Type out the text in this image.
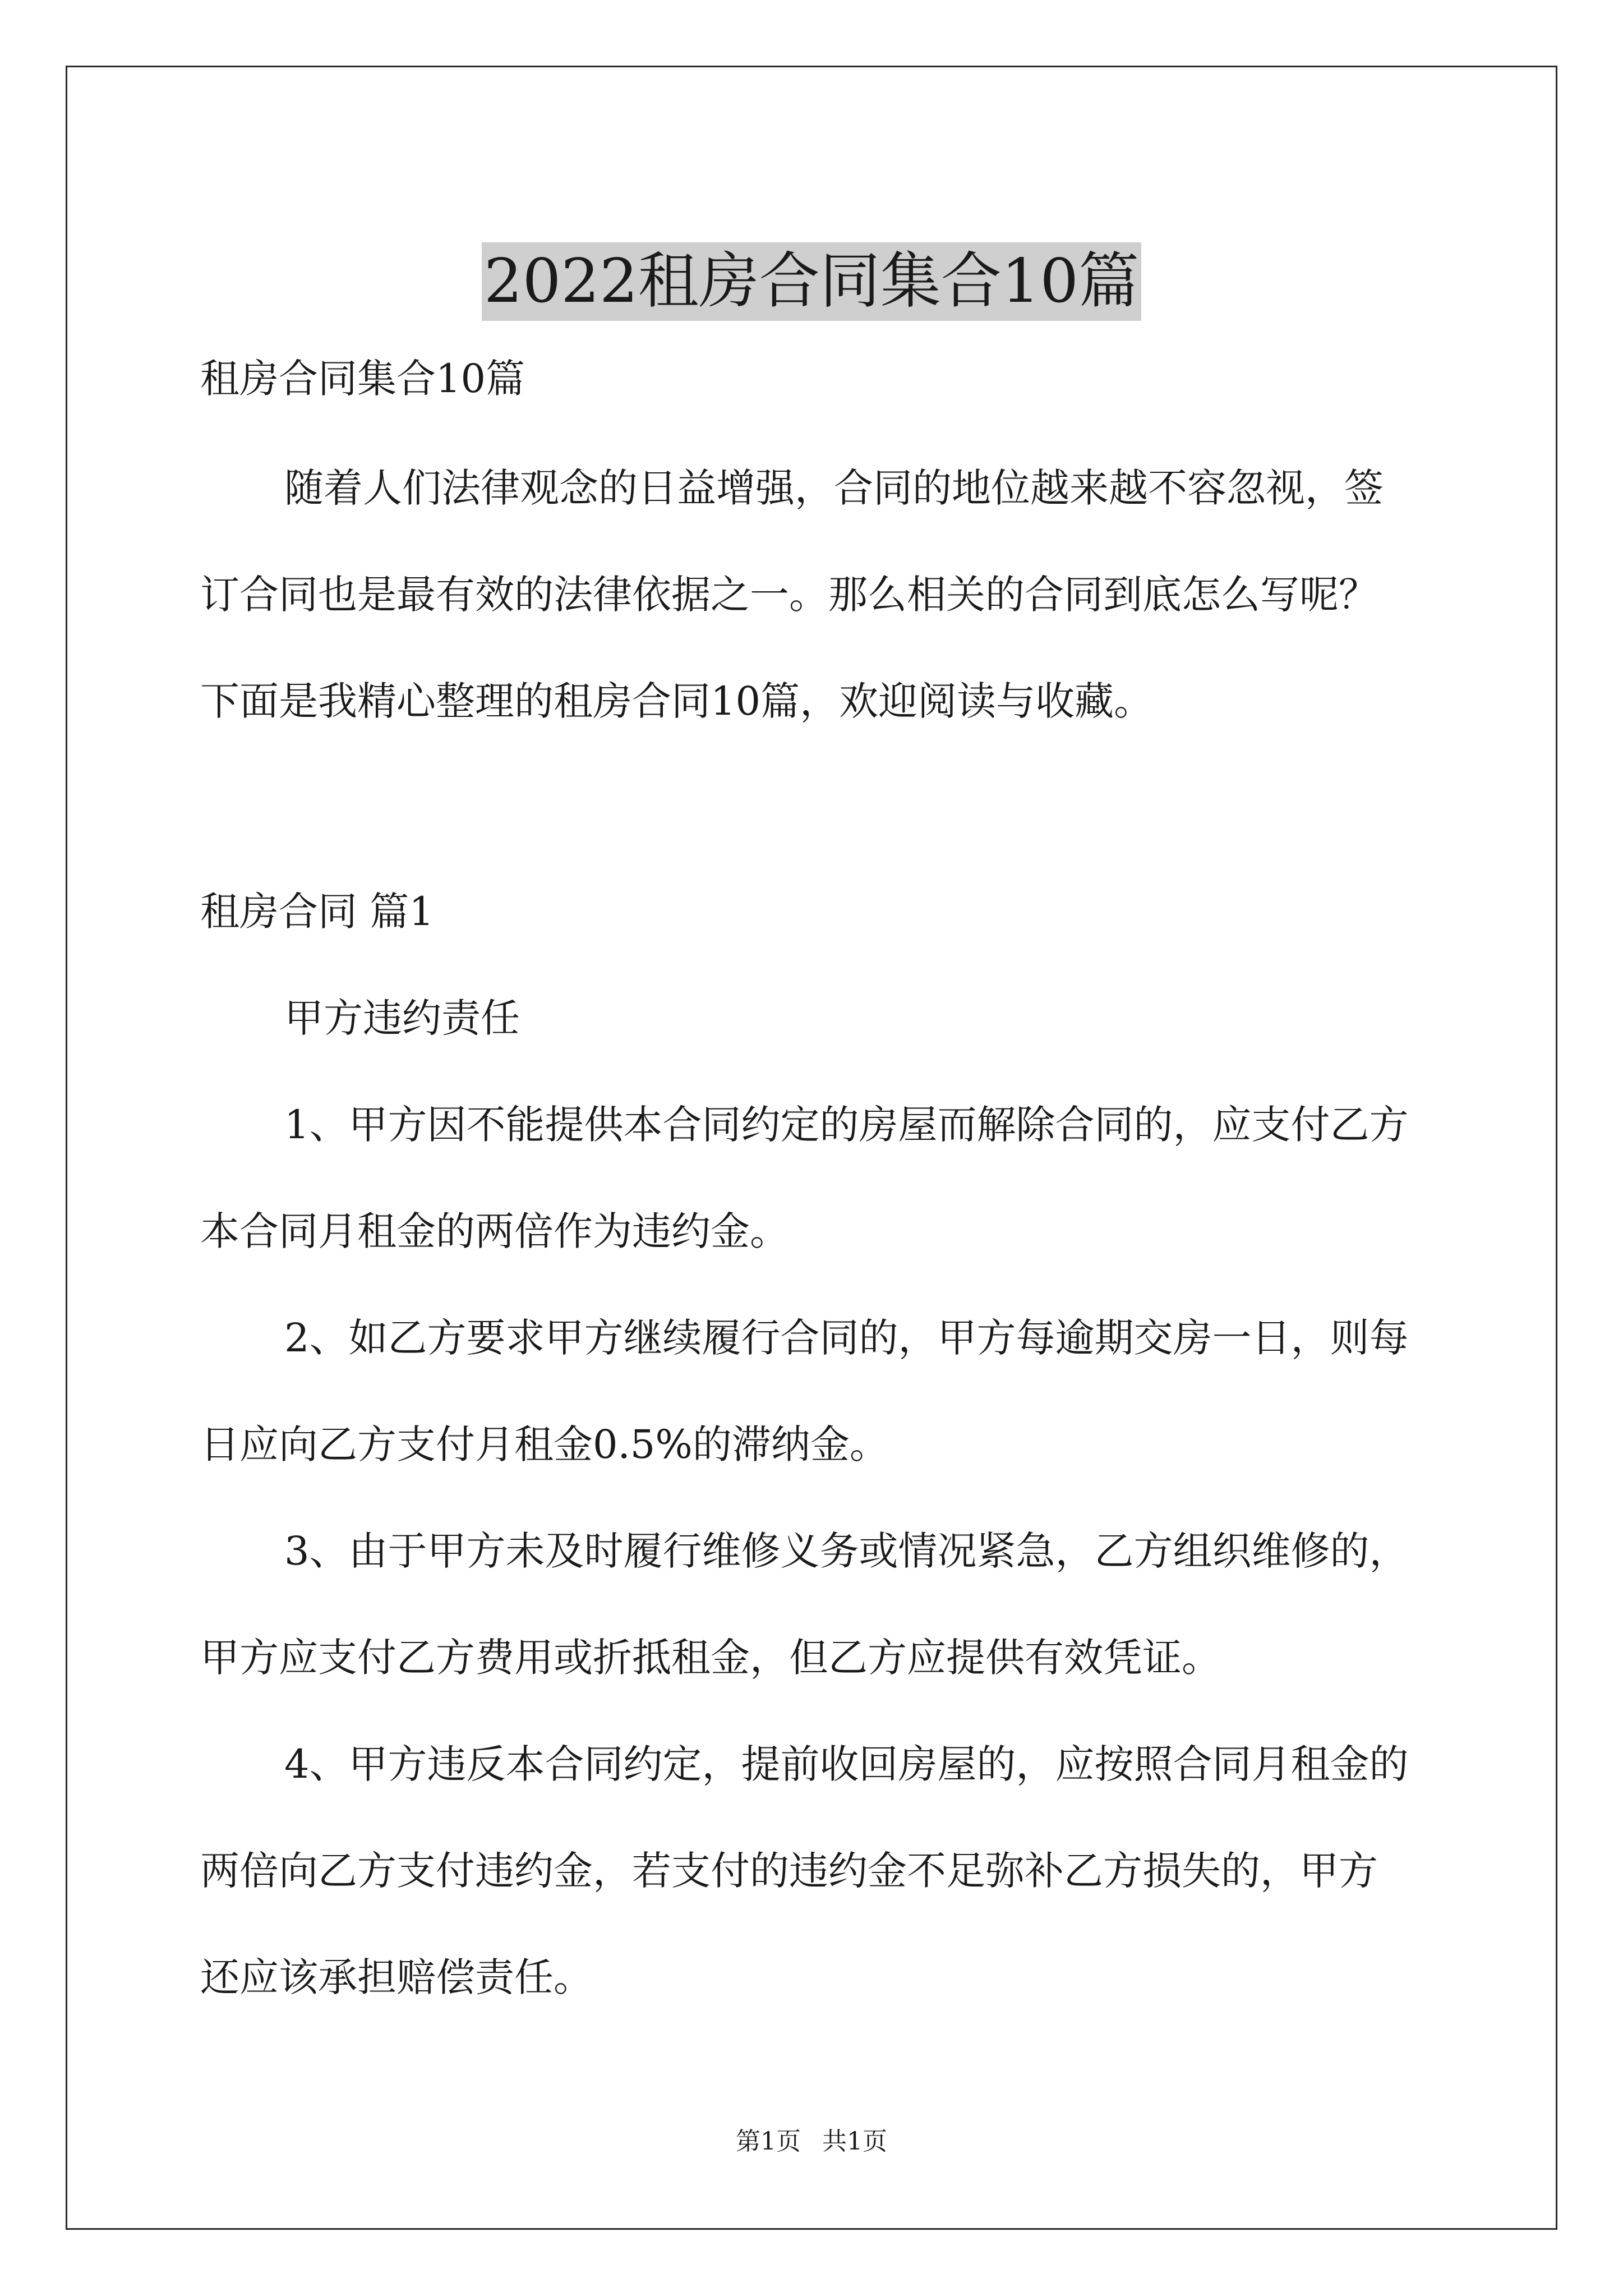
2022租房合同集合10篇
租房合同集合10篇
随着人们法律观念的日益增强，合同的地位越来越不容忽视，签
订合同也是最有效的法律依据之一。那么相关的合同到底怎么写呢？
下面是我精心整理的租房合同10篇，欢迎阅读与收藏。
租房合同 篇1
甲方违约责任
1、甲方因不能提供本合同约定的房屋而解除合同的，应支付乙方
本合同月租金的两倍作为违约金。
2、如乙方要求甲方继续履行合同的，甲方每逾期交房一日，则每
日应向乙方支付月租金0.5%的滞纳金。
3、由于甲方未及时履行维修义务或情况紧急，乙方组织维修的，
甲方应支付乙方费用或折抵租金，但乙方应提供有效凭证。
4、甲方违反本合同约定，提前收回房屋的，应按照合同月租金的
两倍向乙方支付违约金，若支付的违约金不足弥补乙方损失的，甲方
还应该承担赔偿责任。
第1页 共1页
